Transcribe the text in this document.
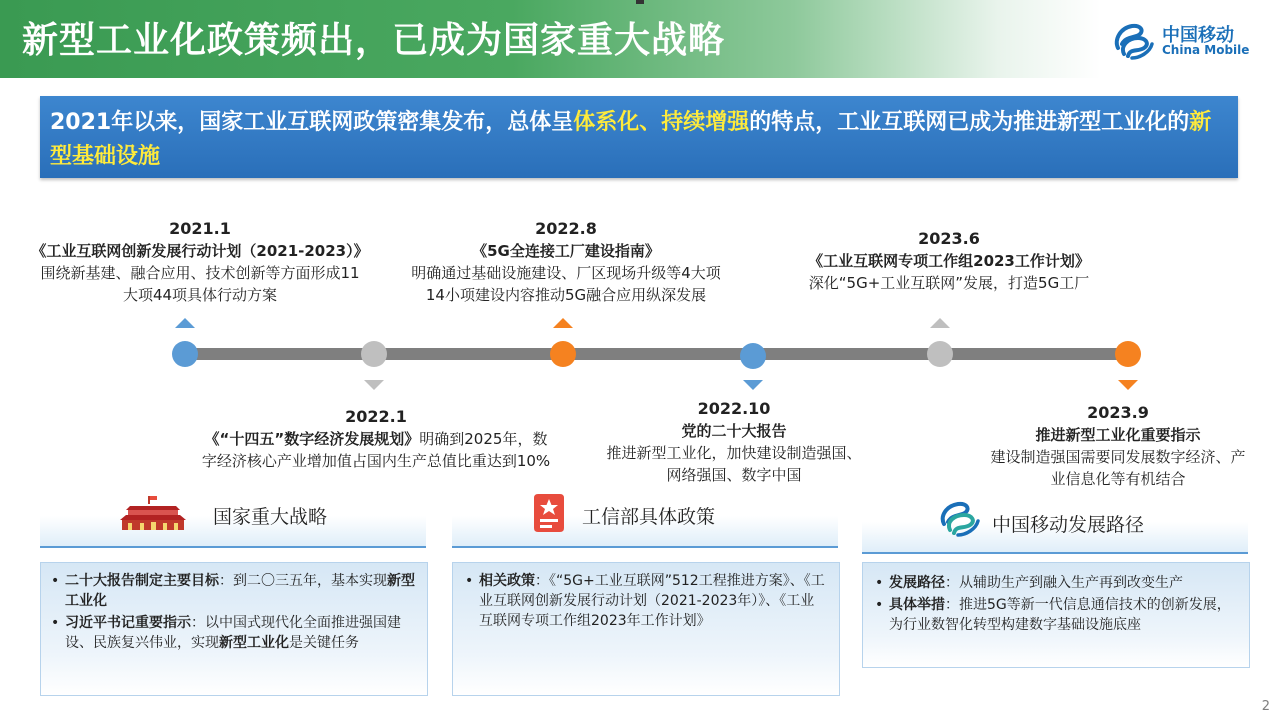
新型工业化政策频出，已成为国家重大战略	中国移动
China Mobile
2021年以来，国家工业互联网政策密集发布，总体呈体系化、持续增强的特点，工业互联网已成为推进新型工业化的新型基础设施
2021.1
《工业互联网创新发展行动计划（2021-2023）》
围绕新基建、融合应用、技术创新等方面形成11
大项44项具体行动方案
2022.1
《“十四五”数字经济发展规划》明确到2025年，数
字经济核心产业增加值占国内生产总值比重达到10%
2022.8
《5G全连接工厂建设指南》
明确通过基础设施建设、厂区现场升级等4大项
14小项建设内容推动5G融合应用纵深发展
2022.10
党的二十大报告
推进新型工业化，加快建设制造强国、
网络强国、数字中国
2023.6
《工业互联网专项工作组2023工作计划》
深化“5G+工业互联网”发展，打造5G工厂
2023.9
推进新型工业化重要指示
建设制造强国需要同发展数字经济、产
业信息化等有机结合
国家重大战略
• 二十大报告制定主要目标：到二〇三五年，基本实现新型工业化
• 习近平书记重要指示：以中国式现代化全面推进强国建设、民族复兴伟业，实现新型工业化是关键任务
工信部具体政策
• 相关政策：《“5G+工业互联网”512工程推进方案》、《工业互联网创新发展行动计划（2021-2023年）》、《工业互联网专项工作组2023年工作计划》
中国移动发展路径
• 发展路径：从辅助生产到融入生产再到改变生产
• 具体举措：推进5G等新一代信息通信技术的创新发展，为行业数智化转型构建数字基础设施底座
2
